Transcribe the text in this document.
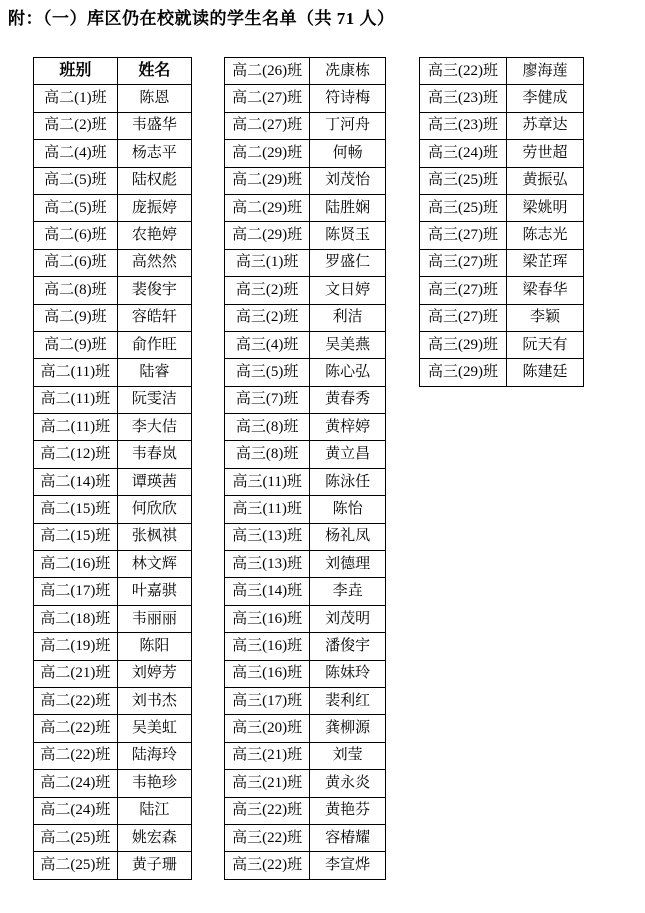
附：（一）库区仍在校就读的学生名单（共 71 人）
班别	姓名
高二(1)班	陈恩
高二(2)班	韦盛华
高二(4)班	杨志平
高二(5)班	陆权彪
高二(5)班	庞振婷
高二(6)班	农艳婷
高二(6)班	高然然
高二(8)班	裴俊宇
高二(9)班	容皓轩
高二(9)班	俞作旺
高二(11)班	陆睿
高二(11)班	阮雯洁
高二(11)班	李大佶
高二(12)班	韦春岚
高二(14)班	谭瑛茜
高二(15)班	何欣欣
高二(15)班	张枫祺
高二(16)班	林文辉
高二(17)班	叶嘉骐
高二(18)班	韦丽丽
高二(19)班	陈阳
高二(21)班	刘婷芳
高二(22)班	刘书杰
高二(22)班	吴美虹
高二(22)班	陆海玲
高二(24)班	韦艳珍
高二(24)班	陆江
高二(25)班	姚宏森
高二(25)班	黄子珊
高二(26)班	冼康栋
高二(27)班	符诗梅
高二(27)班	丁河舟
高二(29)班	何畅
高二(29)班	刘茂怡
高二(29)班	陆胜娴
高二(29)班	陈贤玉
高三(1)班	罗盛仁
高三(2)班	文日婷
高三(2)班	利洁
高三(4)班	吴美燕
高三(5)班	陈心弘
高三(7)班	黄春秀
高三(8)班	黄梓婷
高三(8)班	黄立昌
高三(11)班	陈泳任
高三(11)班	陈怡
高三(13)班	杨礼凤
高三(13)班	刘德理
高三(14)班	李垚
高三(16)班	刘茂明
高三(16)班	潘俊宇
高三(16)班	陈妹玲
高三(17)班	裴利红
高三(20)班	龚柳源
高三(21)班	刘莹
高三(21)班	黄永炎
高三(22)班	黄艳芬
高三(22)班	容椿耀
高三(22)班	李宣烨
高三(22)班	廖海莲
高三(23)班	李健成
高三(23)班	苏章达
高三(24)班	劳世超
高三(25)班	黄振弘
高三(25)班	梁姚明
高三(27)班	陈志光
高三(27)班	梁芷珲
高三(27)班	梁春华
高三(27)班	李颖
高三(29)班	阮天有
高三(29)班	陈建廷
